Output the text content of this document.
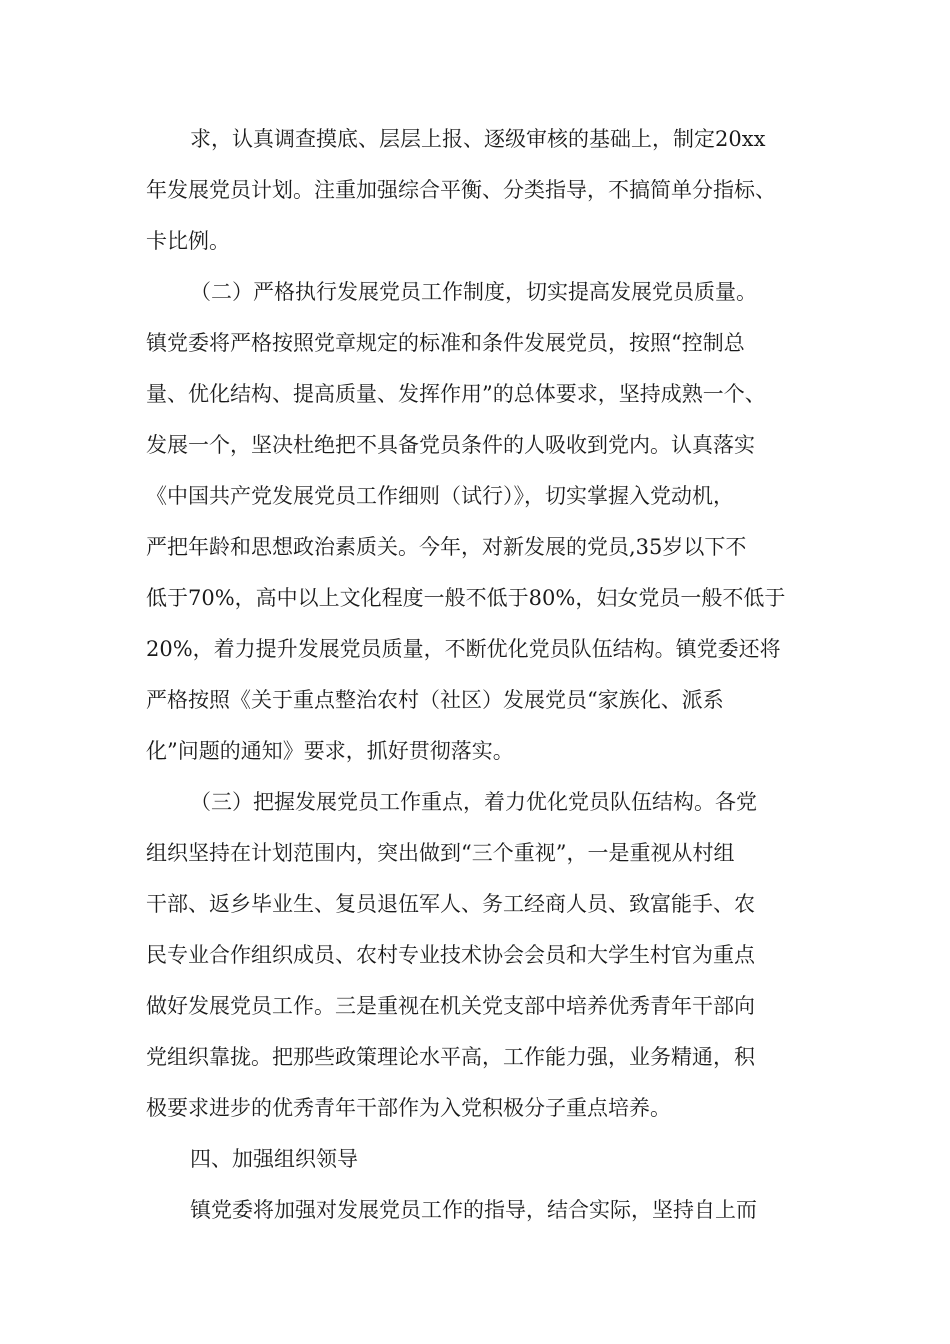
求，认真调查摸底、层层上报、逐级审核的基础上，制定20xx
年发展党员计划。注重加强综合平衡、分类指导，不搞简单分指标、
卡比例。
（二）严格执行发展党员工作制度，切实提高发展党员质量。
镇党委将严格按照党章规定的标准和条件发展党员，按照“控制总
量、优化结构、提高质量、发挥作用”的总体要求，坚持成熟一个、
发展一个，坚决杜绝把不具备党员条件的人吸收到党内。认真落实
《中国共产党发展党员工作细则（试行）》，切实掌握入党动机，
严把年龄和思想政治素质关。今年，对新发展的党员,35岁以下不
低于70%，高中以上文化程度一般不低于80%，妇女党员一般不低于
20%，着力提升发展党员质量，不断优化党员队伍结构。镇党委还将
严格按照《关于重点整治农村（社区）发展党员“家族化、派系
化”问题的通知》要求，抓好贯彻落实。
（三）把握发展党员工作重点，着力优化党员队伍结构。各党
组织坚持在计划范围内，突出做到“三个重视”，一是重视从村组
干部、返乡毕业生、复员退伍军人、务工经商人员、致富能手、农
民专业合作组织成员、农村专业技术协会会员和大学生村官为重点
做好发展党员工作。三是重视在机关党支部中培养优秀青年干部向
党组织靠拢。把那些政策理论水平高，工作能力强，业务精通，积
极要求进步的优秀青年干部作为入党积极分子重点培养。
四、加强组织领导
镇党委将加强对发展党员工作的指导，结合实际，坚持自上而
